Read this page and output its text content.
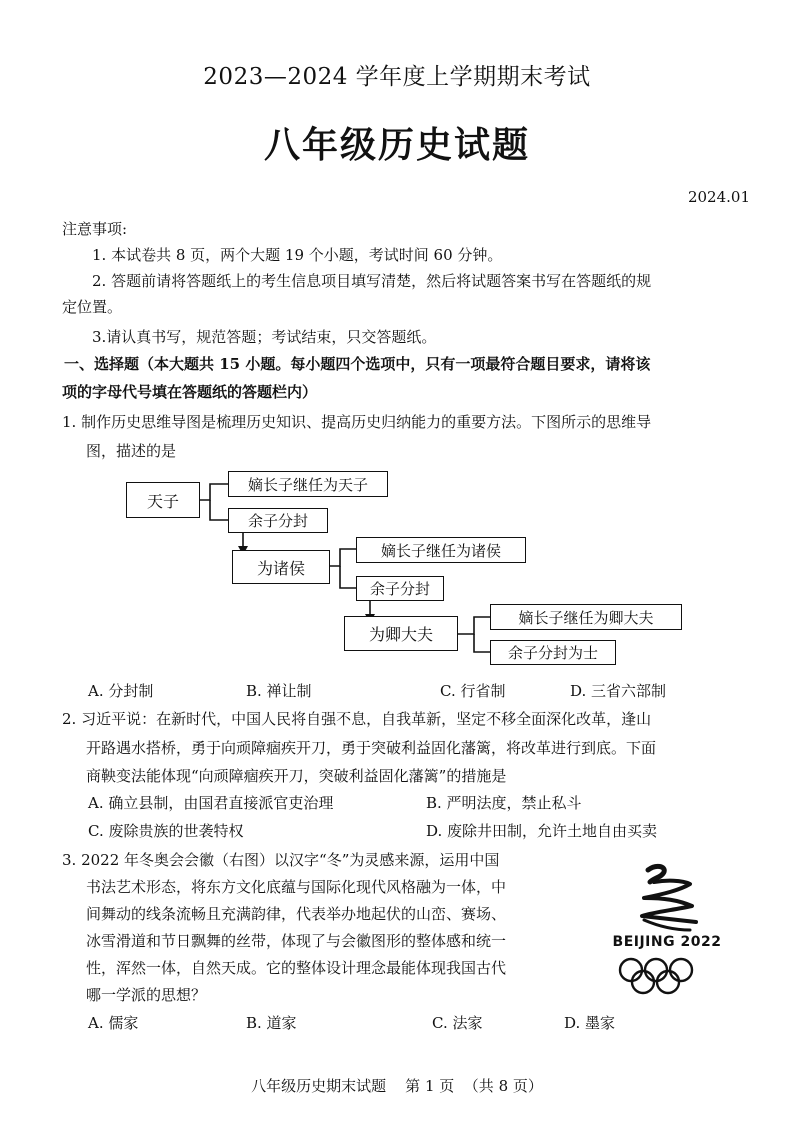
2023—2024 学年度上学期期末考试
八年级历史试题
2024.01
注意事项:
1. 本试卷共 8 页，两个大题 19 个小题，考试时间 60 分钟。
2. 答题前请将答题纸上的考生信息项目填写清楚，然后将试题答案书写在答题纸的规
定位置。
3.请认真书写，规范答题；考试结束，只交答题纸。
一、选择题（本大题共 15 小题。每小题四个选项中，只有一项最符合题目要求，请将该
项的字母代号填在答题纸的答题栏内）
1. 制作历史思维导图是梳理历史知识、提高历史归纳能力的重要方法。下图所示的思维导
图，描述的是
天子
嫡长子继任为天子
余子分封
为诸侯
嫡长子继任为诸侯
余子分封
为卿大夫
嫡长子继任为卿大夫
余子分封为士
A. 分封制	B. 禅让制	C. 行省制	D. 三省六部制
2. 习近平说：在新时代，中国人民将自强不息，自我革新，坚定不移全面深化改革，逢山
开路遇水搭桥，勇于向顽障痼疾开刀，勇于突破利益固化藩篱，将改革进行到底。下面
商鞅变法能体现“向顽障痼疾开刀，突破利益固化藩篱”的措施是
A. 确立县制，由国君直接派官吏治理	B. 严明法度，禁止私斗
C. 废除贵族的世袭特权	D. 废除井田制，允许土地自由买卖
3. 2022 年冬奥会会徽（右图）以汉字“冬”为灵感来源，运用中国
书法艺术形态，将东方文化底蕴与国际化现代风格融为一体，中
间舞动的线条流畅且充满韵律，代表举办地起伏的山峦、赛场、
冰雪滑道和节日飘舞的丝带，体现了与会徽图形的整体感和统一
性，浑然一体，自然天成。它的整体设计理念最能体现我国古代
哪一学派的思想？
BEIJING 2022
A. 儒家	B. 道家	C. 法家	D. 墨家
八年级历史期末试题    第 1 页  （共 8 页）
